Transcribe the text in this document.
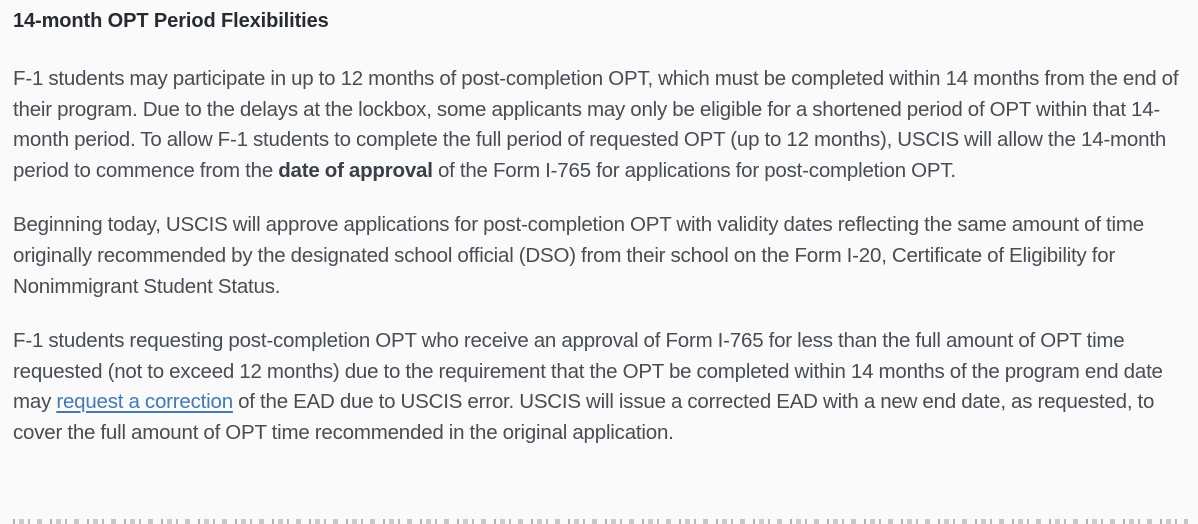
14-month OPT Period Flexibilities

F-1 students may participate in up to 12 months of post-completion OPT, which must be completed within 14 months from the end of their program. Due to the delays at the lockbox, some applicants may only be eligible for a shortened period of OPT within that 14-month period. To allow F-1 students to complete the full period of requested OPT (up to 12 months), USCIS will allow the 14-month period to commence from the date of approval of the Form I-765 for applications for post-completion OPT.

Beginning today, USCIS will approve applications for post-completion OPT with validity dates reflecting the same amount of time originally recommended by the designated school official (DSO) from their school on the Form I-20, Certificate of Eligibility for Nonimmigrant Student Status.

F-1 students requesting post-completion OPT who receive an approval of Form I-765 for less than the full amount of OPT time requested (not to exceed 12 months) due to the requirement that the OPT be completed within 14 months of the program end date may request a correction of the EAD due to USCIS error. USCIS will issue a corrected EAD with a new end date, as requested, to cover the full amount of OPT time recommended in the original application.
